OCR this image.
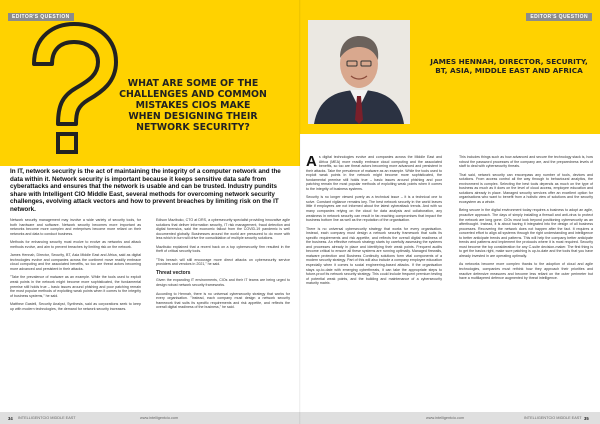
EDITOR'S QUESTION
WHAT ARE SOME OF THE CHALLENGES AND COMMON MISTAKES CIOS MAKE WHEN DESIGNING THEIR NETWORK SECURITY?

In IT, network security is the act of maintaining the integrity of a computer network and the data within it. Network security is important because it keeps sensitive data safe from cyberattacks and ensures that the network is usable and can be trusted. Industry pundits share with Intelligent CIO Middle East, several methods for overcoming network security challenges, evolving attack vectors and how to prevent breaches by limiting risk on the IT network.

Network security management may involve a wide variety of security tools, for both hardware and software. Network security becomes more important as networks become more complex and enterprises become more reliant on their networks and data to conduct business.

Methods for enhancing security must evolve to evolve as networks and attack methods evolve, and aim to prevent breaches by limiting risk on the network.

James Hennah, Director, Security, BT, Asia Middle East and Africa, said as digital technologies evolve and companies across the continent move readily embrace cloud computing and the associated benefits, so too are threat actors becoming more advanced and persistent in their attacks.

"Take the prevalence of malware as an example. While the tools used to exploit weak points in the network might become more sophisticated, the fundamental premise still holds true – basic issues around phishing and poor patching remain the most popular methods of exploiting weak points when it comes to the integrity of business systems," he said.

Matthew Gastell, Security Analyst, Synthesis, said as corporations seek to keep up with modern technologies, the demand for network security increases.

Edison Mazibuko, CTO at DRS, a cybersecurity specialist providing innovative agile solutions that deliver information security, IT risk management, fraud detection and digital forensics, said the economic fallout from the COVID-19 pandemic is well documented globally. Businesses around the world are pressured to do more with less which in turn will drive the consolidation of multiple security solutions.

Mazibuko explained that a recent hack on a top cybersecurity firm resulted in the theft of critical security tools.

"This breach will still encourage more direct attacks on cybersecurity service providers and vendors in 2021," he said.

Threat vectors

Given the expanding IT environments, CIOs and their IT teams are being urged to design robust network security frameworks.

According to Hennah, there is no universal cybersecurity strategy that works for every organisation. "Instead, each company must design a network security framework that suits its specific requirements and risk appetite, and reflects the overall digital readiness of the business," he said.

INTELLIGENTCIO MIDDLE EAST	www.intelligentcio.com
34
EDITOR'S QUESTION
JAMES HENNAH, DIRECTOR, SECURITY, BT, ASIA, MIDDLE EAST AND AFRICA

As digital technologies evolve and companies across the Middle East and Africa (MEA) more readily embrace cloud computing and the associated benefits, so too are threat actors becoming more advanced and persistent in their attacks. Take the prevalence of malware as an example. While the tools used to exploit weak points in the network might become more sophisticated, the fundamental premise still holds true – basic issues around phishing and poor patching remain the most popular methods of exploiting weak points when it comes to the integrity of business systems.

Security is no longer viewed purely as a technical issue – it is a technical one to solve. Constant vigilance remains key. The best network security in the world leaves little if employees are not informed about the latest cyberattack trends. And with so many companies relying on the cloud for data analysis and collaboration, any weakness in network security can result in far-reaching compromises that impact the business bottom line as well as the reputation of the organisation.

There is no universal cybersecurity strategy that works for every organisation. Instead, each company must design a network security framework that suits its specific requirements and risk appetite, and reflects the overall digital readiness of the business. An effective network strategy starts by carefully assessing the systems and processes already in place and identifying their weak points. Frequent audits become critical to ensure all these systems are running optimally. Managed firewalls, malware protection and Business Continuity solutions form vital components of a modern security strategy. Part of this will also include a company employee education especially when it comes to social engineering-based attacks. If the organisation stays up-to-date with emerging cyberthreats, it can take the appropriate steps to future-proof its network security strategy. This could include frequent premium testing of potential weak points, and the building and maintenance of a cybersecurity maturity matrix.

This includes things such as how advanced and secure the technology stack is, how robust the password processes of the company are, and the preparedness levels of staff to deal with cybersecurity threats.

That said, network security can encompass any number of tools, devices and solutions. From access control all the way through to behavioural analytics, the environment is complex. Selecting the best tools depends as much on the type of business as much as it does on the level of cloud access, employee education and solutions already in place. Managed security services offer an excellent option for organisations who want to benefit from a holistic view of solutions and the security ecosystem as a whole.

Being secure in the digital environment today requires a business to adopt an agile, proactive approach. The days of simply installing a firewall and anti-virus to protect the network are long gone. CIOs must look beyond positioning cybersecurity as an afterthought. Instead, it is about having it integrated into the design of all business processes. Recovering the network does not happen after the fact. It requires a concerted effort to align all systems through the right understanding and intelligence to better anticipate trends and patterns. This will help the company better anticipate trends and patterns and implement the protocols where it is most required. Security must become the top consideration for any C-suite decision-maker. The first thing is to get the basics right, make sure patching is up-to-date and the tools that you have already invested in are operating optimally.

As networks become more complex thanks to the adoption of cloud and agile technologies, companies must rethink how they approach their priorities and reactive defensive measures and become less reliant on the outer perimeter but have a multilayered defence augmented by threat intelligence.

www.intelligentcio.com	INTELLIGENTCIO MIDDLE EAST 35
